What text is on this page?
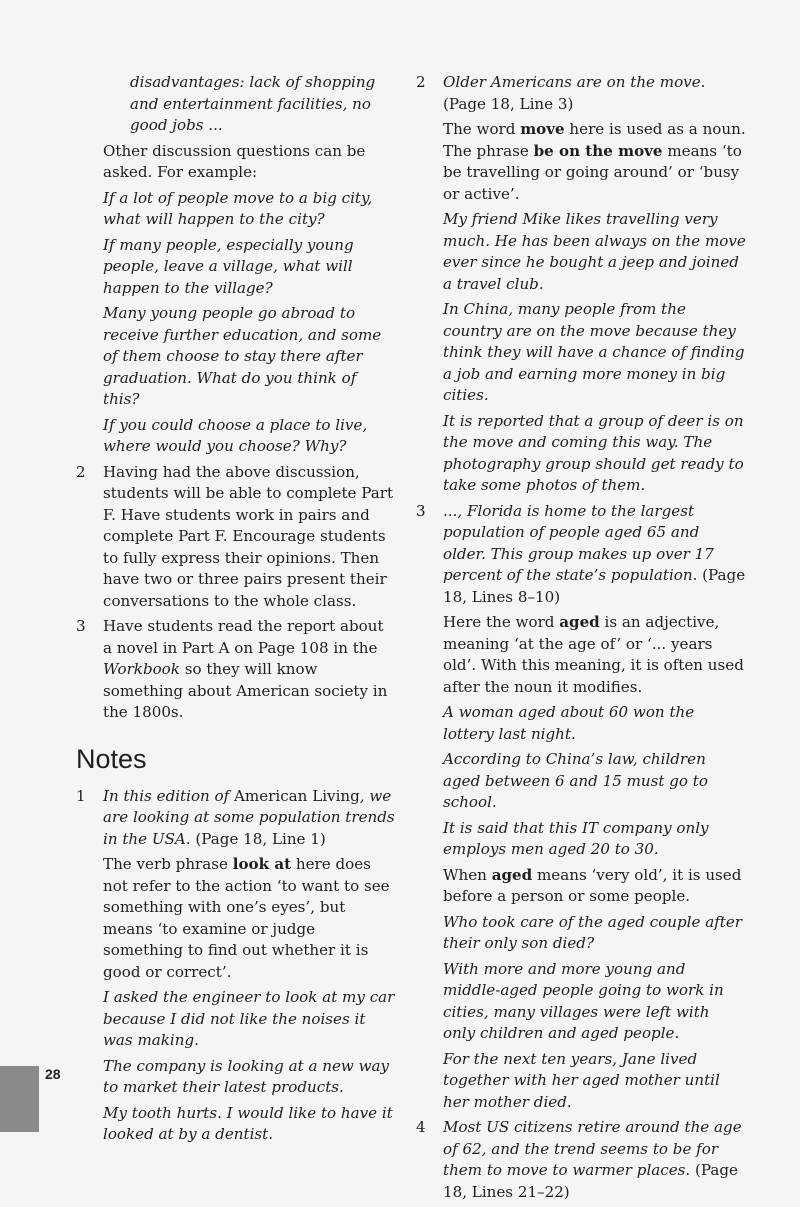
disadvantages: lack of shopping and entertainment facilities, no good jobs ...

Other discussion questions can be asked. For example:

If a lot of people move to a big city, what will happen to the city?

If many people, especially young people, leave a village, what will happen to the village?

Many young people go abroad to receive further education, and some of them choose to stay there after graduation. What do you think of this?

If you could choose a place to live, where would you choose? Why?

2 Having had the above discussion, students will be able to complete Part F. Have students work in pairs and complete Part F. Encourage students to fully express their opinions. Then have two or three pairs present their conversations to the whole class.

3 Have students read the report about a novel in Part A on Page 108 in the Workbook so they will know something about American society in the 1800s.

Notes

1 In this edition of American Living, we are looking at some population trends in the USA. (Page 18, Line 1)

The verb phrase look at here does not refer to the action ‘to want to see something with one’s eyes’, but means ‘to examine or judge something to find out whether it is good or correct’.

I asked the engineer to look at my car because I did not like the noises it was making.

The company is looking at a new way to market their latest products.

My tooth hurts. I would like to have it looked at by a dentist.

2 Older Americans are on the move. (Page 18, Line 3)

The word move here is used as a noun. The phrase be on the move means ‘to be travelling or going around’ or ‘busy or active’.

My friend Mike likes travelling very much. He has been always on the move ever since he bought a jeep and joined a travel club.

In China, many people from the country are on the move because they think they will have a chance of finding a job and earning more money in big cities.

It is reported that a group of deer is on the move and coming this way. The photography group should get ready to take some photos of them.

3 ..., Florida is home to the largest population of people aged 65 and older. This group makes up over 17 percent of the state’s population. (Page 18, Lines 8–10)

Here the word aged is an adjective, meaning ‘at the age of’ or ‘... years old’. With this meaning, it is often used after the noun it modifies.

A woman aged about 60 won the lottery last night.

According to China’s law, children aged between 6 and 15 must go to school.

It is said that this IT company only employs men aged 20 to 30.

When aged means ‘very old’, it is used before a person or some people.

Who took care of the aged couple after their only son died?

With more and more young and middle-aged people going to work in cities, many villages were left with only children and aged people.

For the next ten years, Jane lived together with her aged mother until her mother died.

4 Most US citizens retire around the age of 62, and the trend seems to be for them to move to warmer places. (Page 18, Lines 21–22)

28
